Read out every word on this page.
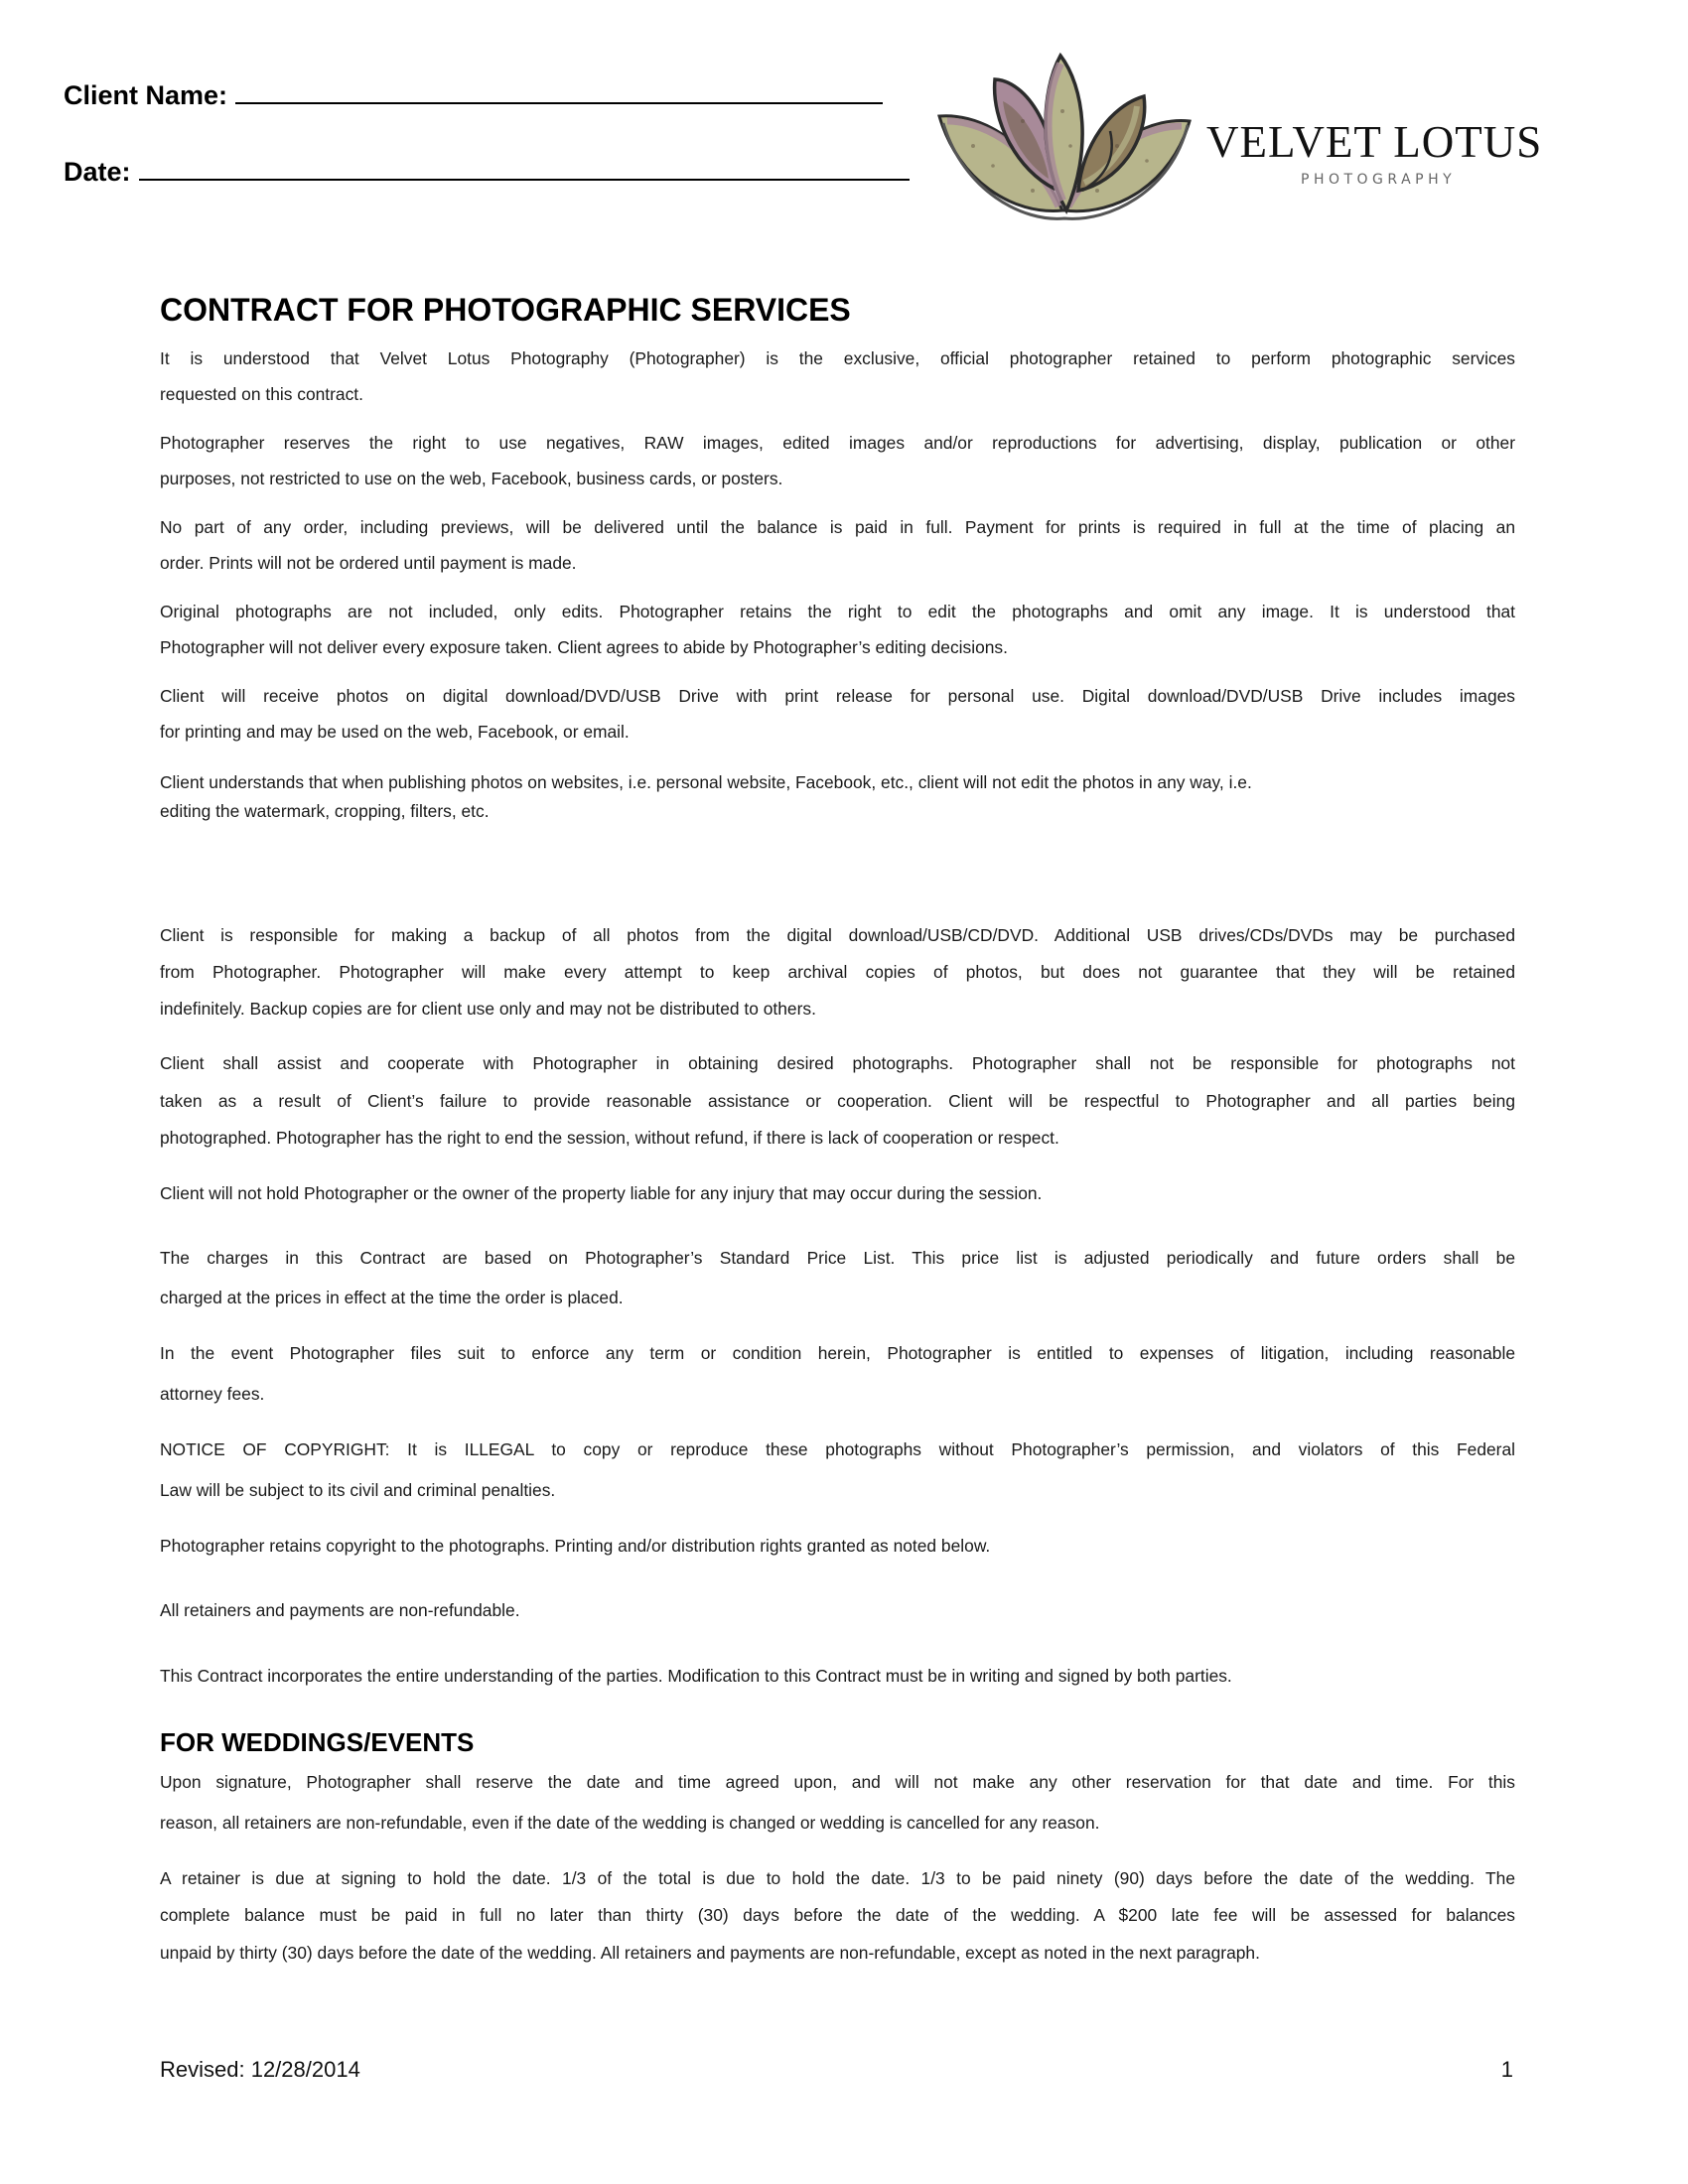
Client Name:
Date:
VELVET LOTUS
PHOTOGRAPHY
CONTRACT FOR PHOTOGRAPHIC SERVICES
It is understood that Velvet Lotus Photography (Photographer) is the exclusive, official photographer retained to perform photographic services
requested on this contract.
Photographer reserves the right to use negatives, RAW images, edited images and/or reproductions for advertising, display, publication or other
purposes, not restricted to use on the web, Facebook, business cards, or posters.
No part of any order, including previews, will be delivered until the balance is paid in full. Payment for prints is required in full at the time of placing an
order. Prints will not be ordered until payment is made.
Original photographs are not included, only edits. Photographer retains the right to edit the photographs and omit any image. It is understood that
Photographer will not deliver every exposure taken. Client agrees to abide by Photographer’s editing decisions.
Client will receive photos on digital download/DVD/USB Drive with print release for personal use. Digital download/DVD/USB Drive includes images
for printing and may be used on the web, Facebook, or email.
Client understands that when publishing photos on websites, i.e. personal website, Facebook, etc., client will not edit the photos in any way, i.e.
editing the watermark, cropping, filters, etc.
Client is responsible for making a backup of all photos from the digital download/USB/CD/DVD. Additional USB drives/CDs/DVDs may be purchased
from Photographer. Photographer will make every attempt to keep archival copies of photos, but does not guarantee that they will be retained
indefinitely. Backup copies are for client use only and may not be distributed to others.
Client shall assist and cooperate with Photographer in obtaining desired photographs. Photographer shall not be responsible for photographs not
taken as a result of Client’s failure to provide reasonable assistance or cooperation. Client will be respectful to Photographer and all parties being
photographed. Photographer has the right to end the session, without refund, if there is lack of cooperation or respect.
Client will not hold Photographer or the owner of the property liable for any injury that may occur during the session.
The charges in this Contract are based on Photographer’s Standard Price List. This price list is adjusted periodically and future orders shall be
charged at the prices in effect at the time the order is placed.
In the event Photographer files suit to enforce any term or condition herein, Photographer is entitled to expenses of litigation, including reasonable
attorney fees.
NOTICE OF COPYRIGHT: It is ILLEGAL to copy or reproduce these photographs without Photographer’s permission, and violators of this Federal
Law will be subject to its civil and criminal penalties.
Photographer retains copyright to the photographs. Printing and/or distribution rights granted as noted below.
All retainers and payments are non-refundable.
This Contract incorporates the entire understanding of the parties. Modification to this Contract must be in writing and signed by both parties.
FOR WEDDINGS/EVENTS
Upon signature, Photographer shall reserve the date and time agreed upon, and will not make any other reservation for that date and time. For this
reason, all retainers are non-refundable, even if the date of the wedding is changed or wedding is cancelled for any reason.
A retainer is due at signing to hold the date. 1/3 of the total is due to hold the date. 1/3 to be paid ninety (90) days before the date of the wedding. The
complete balance must be paid in full no later than thirty (30) days before the date of the wedding. A $200 late fee will be assessed for balances
unpaid by thirty (30) days before the date of the wedding. All retainers and payments are non-refundable, except as noted in the next paragraph.
Revised: 12/28/2014	1
